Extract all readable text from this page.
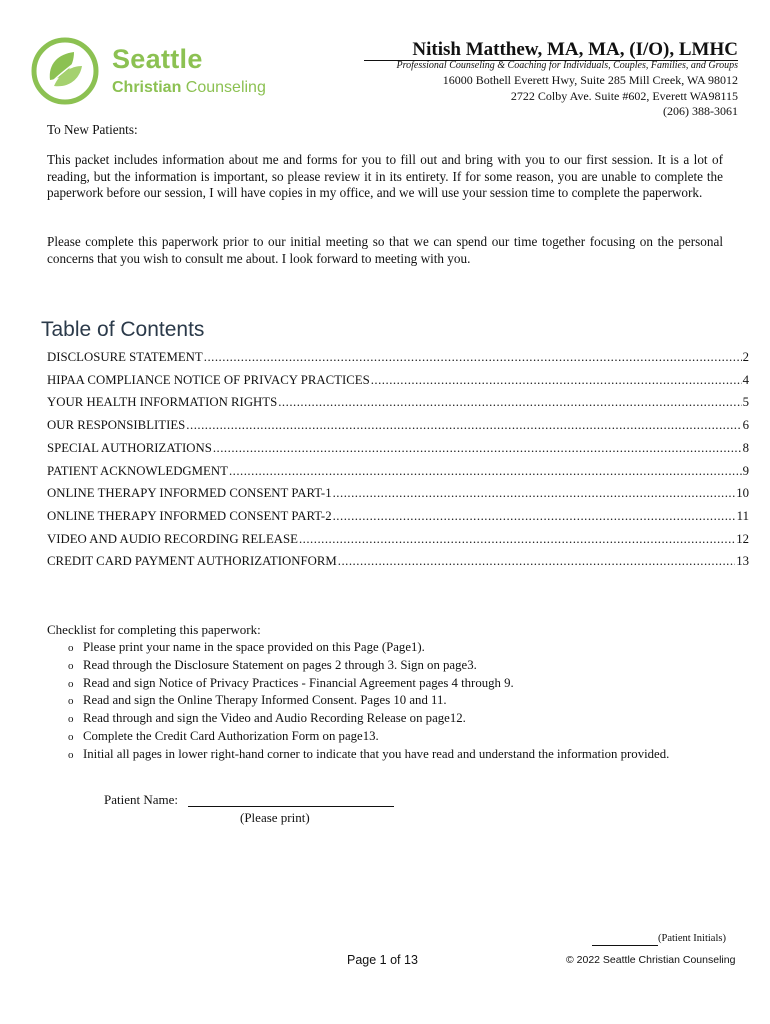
Seattle
Christian Counseling
Nitish Matthew, MA, MA, (I/O), LMHC
Professional Counseling & Coaching for Individuals, Couples, Families, and Groups
16000 Bothell Everett Hwy, Suite 285 Mill Creek, WA 98012
2722 Colby Ave. Suite #602, Everett WA98115
(206) 388-3061
To New Patients:
This packet includes information about me and forms for you to fill out and bring with you to our first session. It is a lot of reading, but the information is important, so please review it in its entirety. If for some reason, you are unable to complete the paperwork before our session, I will have copies in my office, and we will use your session time to complete the paperwork.
Please complete this paperwork prior to our initial meeting so that we can spend our time together focusing on the personal concerns that you wish to consult me about. I look forward to meeting with you.
Table of Contents
DISCLOSURE STATEMENT .....	2
HIPAA COMPLIANCE NOTICE OF PRIVACY PRACTICES .....	4
YOUR HEALTH INFORMATION RIGHTS .....	5
OUR RESPONSIBLITIES .....	6
SPECIAL AUTHORIZATIONS .....	8
PATIENT ACKNOWLEDGMENT .....	9
ONLINE THERAPY INFORMED CONSENT PART-1 .....	10
ONLINE THERAPY INFORMED CONSENT PART-2 .....	11
VIDEO AND AUDIO RECORDING RELEASE .....	12
CREDIT CARD PAYMENT AUTHORIZATIONFORM .....	13
Checklist for completing this paperwork:
o Please print your name in the space provided on this Page (Page1).
o Read through the Disclosure Statement on pages 2 through 3. Sign on page3.
o Read and sign Notice of Privacy Practices - Financial Agreement pages 4 through 9.
o Read and sign the Online Therapy Informed Consent. Pages 10 and 11.
o Read through and sign the Video and Audio Recording Release on page12.
o Complete the Credit Card Authorization Form on page13.
o Initial all pages in lower right-hand corner to indicate that you have read and understand the information provided.
Patient Name:
(Please print)
(Patient Initials)
Page 1 of 13	© 2022 Seattle Christian Counseling
